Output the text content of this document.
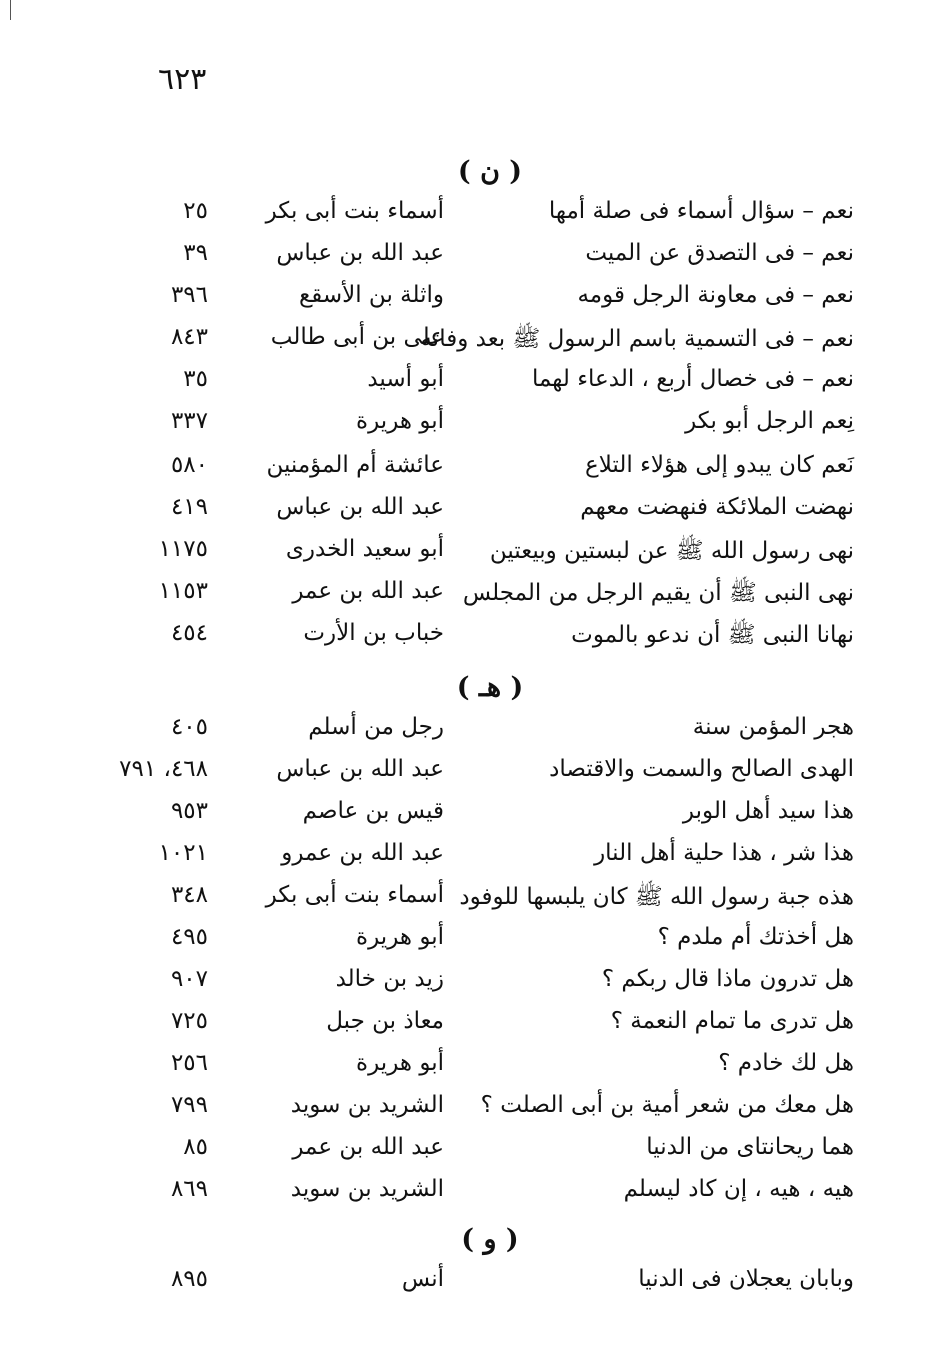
٦٢٣
( ن )
نعم – سؤال أسماء فى صلة أمها
أسماء بنت أبى بكر
٢٥
نعم – فى التصدق عن الميت
عبد الله بن عباس
٣٩
نعم – فى معاونة الرجل قومه
واثلة بن الأسقع
٣٩٦
نعم – فى التسمية باسم الرسول ﷺ بعد وفاته
على بن أبى طالب
٨٤٣
نعم – فى خصال أربع ، الدعاء لهما
أبو أسيد
٣٥
نِعم الرجل أبو بكر
أبو هريرة
٣٣٧
نَعم كان يبدو إلى هؤلاء التلاع
عائشة أم المؤمنين
٥٨٠
نهضت الملائكة فنهضت معهم
عبد الله بن عباس
٤١٩
نهى رسول الله ﷺ عن لبستين وبيعتين
أبو سعيد الخدرى
١١٧٥
نهى النبى ﷺ أن يقيم الرجل من المجلس
عبد الله بن عمر
١١٥٣
نهانا النبى ﷺ أن ندعو بالموت
خباب بن الأرت
٤٥٤
( هـ )
هجر المؤمن سنة
رجل من أسلم
٤٠٥
الهدى الصالح والسمت والاقتصاد
عبد الله بن عباس
٤٦٨، ٧٩١
هذا سيد أهل الوبر
قيس بن عاصم
٩٥٣
هذا شر ، هذا حلية أهل النار
عبد الله بن عمرو
١٠٢١
هذه جبة رسول الله ﷺ كان يلبسها للوفود
أسماء بنت أبى بكر
٣٤٨
هل أخذتك أم ملدم ؟
أبو هريرة
٤٩٥
هل تدرون ماذا قال ربكم ؟
زيد بن خالد
٩٠٧
هل تدرى ما تمام النعمة ؟
معاذ بن جبل
٧٢٥
هل لك خادم ؟
أبو هريرة
٢٥٦
هل معك من شعر أمية بن أبى الصلت ؟
الشريد بن سويد
٧٩٩
هما ريحانتاى من الدنيا
عبد الله بن عمر
٨٥
هيه ، هيه ، إن كاد ليسلم
الشريد بن سويد
٨٦٩
( و )
وبابان يعجلان فى الدنيا
أنس
٨٩٥
